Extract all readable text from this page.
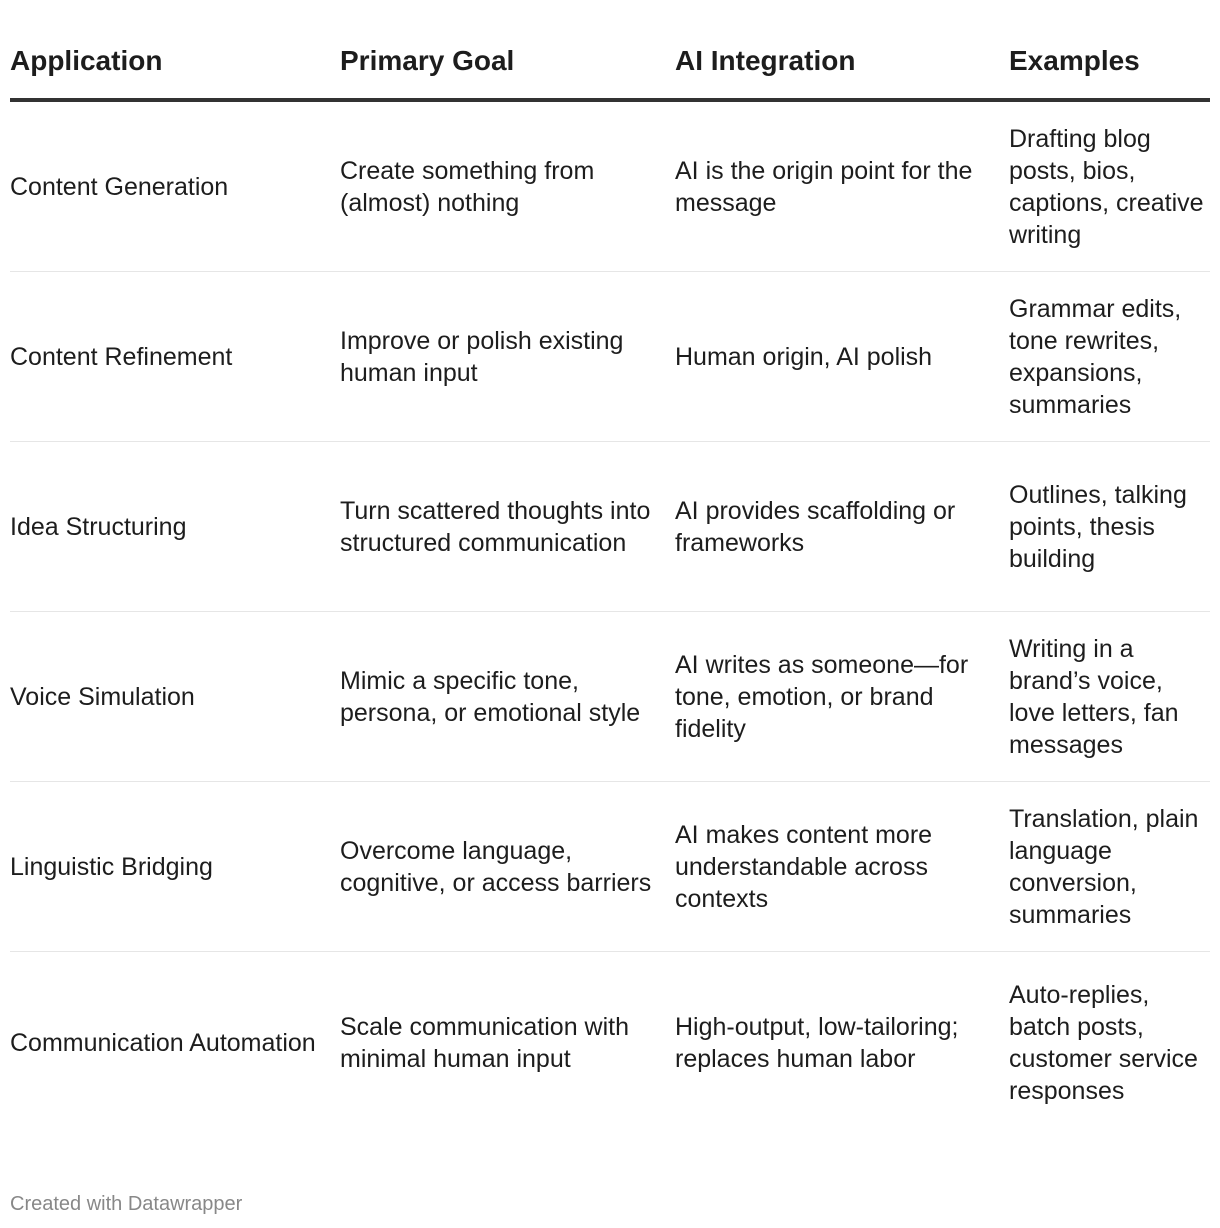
Application	Primary Goal	AI Integration	Examples
Content Generation	Create something from (almost) nothing	AI is the origin point for the message	Drafting blog posts, bios, captions, creative writing
Content Refinement	Improve or polish existing human input	Human origin, AI polish	Grammar edits, tone rewrites, expansions, summaries
Idea Structuring	Turn scattered thoughts into structured communication	AI provides scaffolding or frameworks	Outlines, talking points, thesis building
Voice Simulation	Mimic a specific tone, persona, or emotional style	AI writes as someone—for tone, emotion, or brand fidelity	Writing in a brand’s voice, love letters, fan messages
Linguistic Bridging	Overcome language, cognitive, or access barriers	AI makes content more understandable across contexts	Translation, plain language conversion, summaries
Communication Automation	Scale communication with minimal human input	High-output, low-tailoring; replaces human labor	Auto-replies, batch posts, customer service responses
Created with Datawrapper
